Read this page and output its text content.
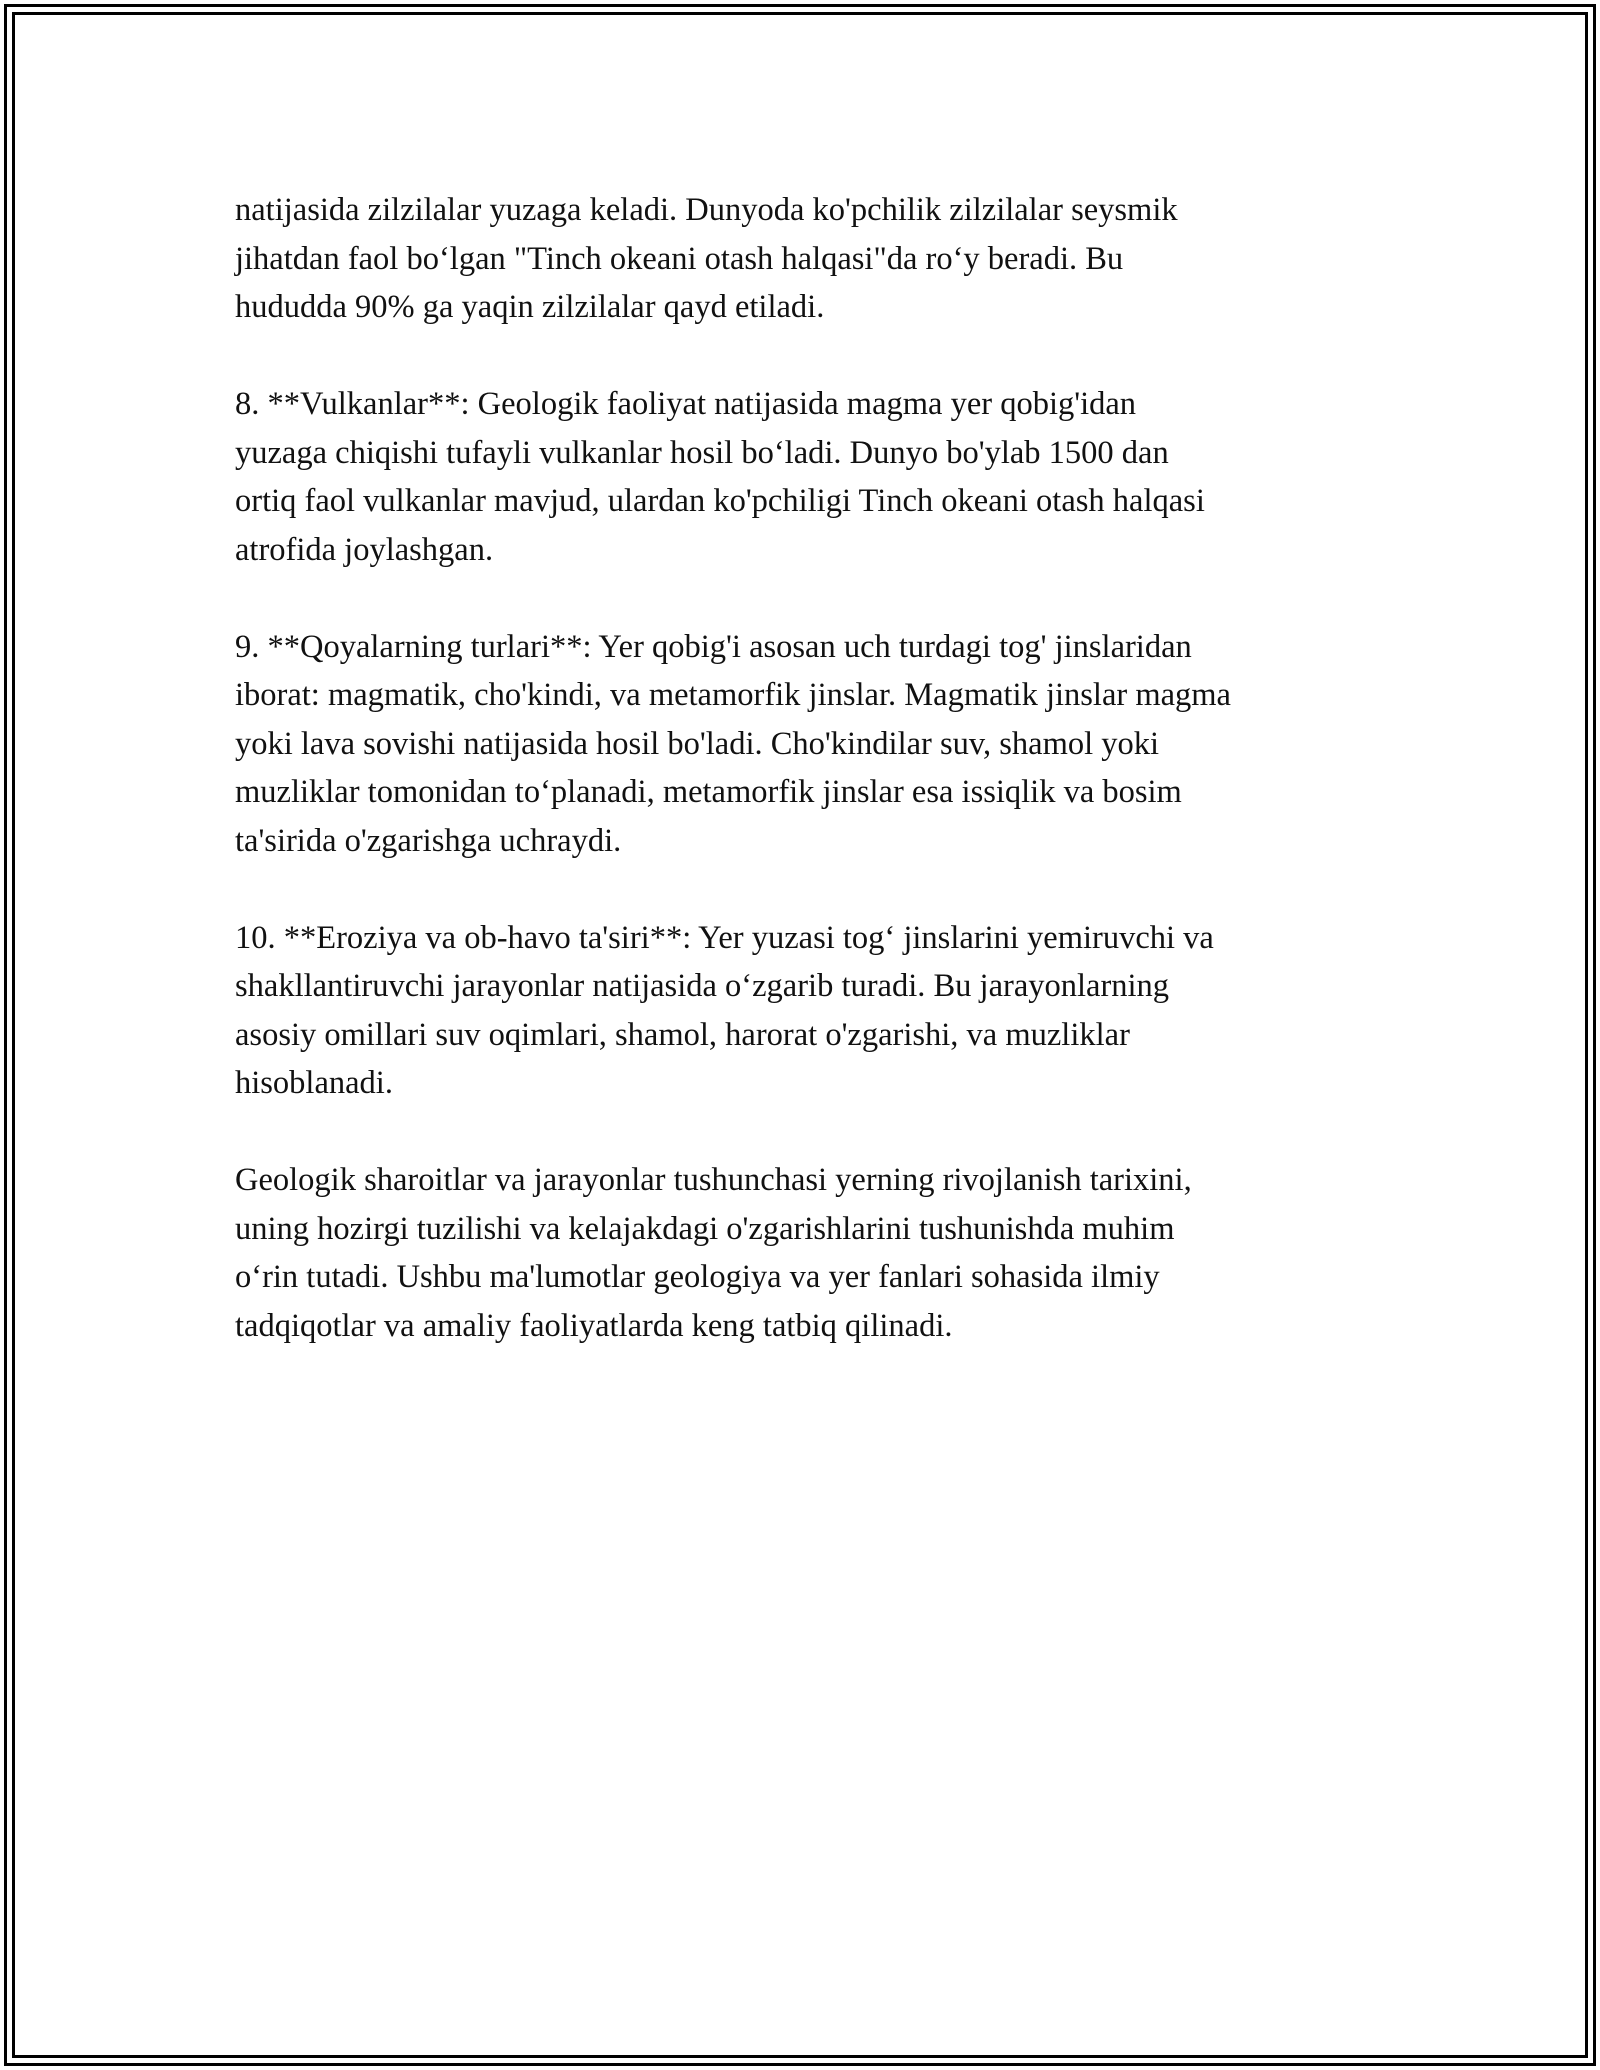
natijasida zilzilalar yuzaga keladi. Dunyoda ko'pchilik zilzilalar seysmik
jihatdan faol bo‘lgan "Tinch okeani otash halqasi"da ro‘y beradi. Bu
hududda 90% ga yaqin zilzilalar qayd etiladi.

8. **Vulkanlar**: Geologik faoliyat natijasida magma yer qobig'idan
yuzaga chiqishi tufayli vulkanlar hosil bo‘ladi. Dunyo bo'ylab 1500 dan
ortiq faol vulkanlar mavjud, ulardan ko'pchiligi Tinch okeani otash halqasi
atrofida joylashgan.

9. **Qoyalarning turlari**: Yer qobig'i asosan uch turdagi tog' jinslaridan
iborat: magmatik, cho'kindi, va metamorfik jinslar. Magmatik jinslar magma
yoki lava sovishi natijasida hosil bo'ladi. Cho'kindilar suv, shamol yoki
muzliklar tomonidan to‘planadi, metamorfik jinslar esa issiqlik va bosim
ta'sirida o'zgarishga uchraydi.

10. **Eroziya va ob-havo ta'siri**: Yer yuzasi tog‘ jinslarini yemiruvchi va
shakllantiruvchi jarayonlar natijasida o‘zgarib turadi. Bu jarayonlarning
asosiy omillari suv oqimlari, shamol, harorat o'zgarishi, va muzliklar
hisoblanadi.

Geologik sharoitlar va jarayonlar tushunchasi yerning rivojlanish tarixini,
uning hozirgi tuzilishi va kelajakdagi o'zgarishlarini tushunishda muhim
o‘rin tutadi. Ushbu ma'lumotlar geologiya va yer fanlari sohasida ilmiy
tadqiqotlar va amaliy faoliyatlarda keng tatbiq qilinadi.
